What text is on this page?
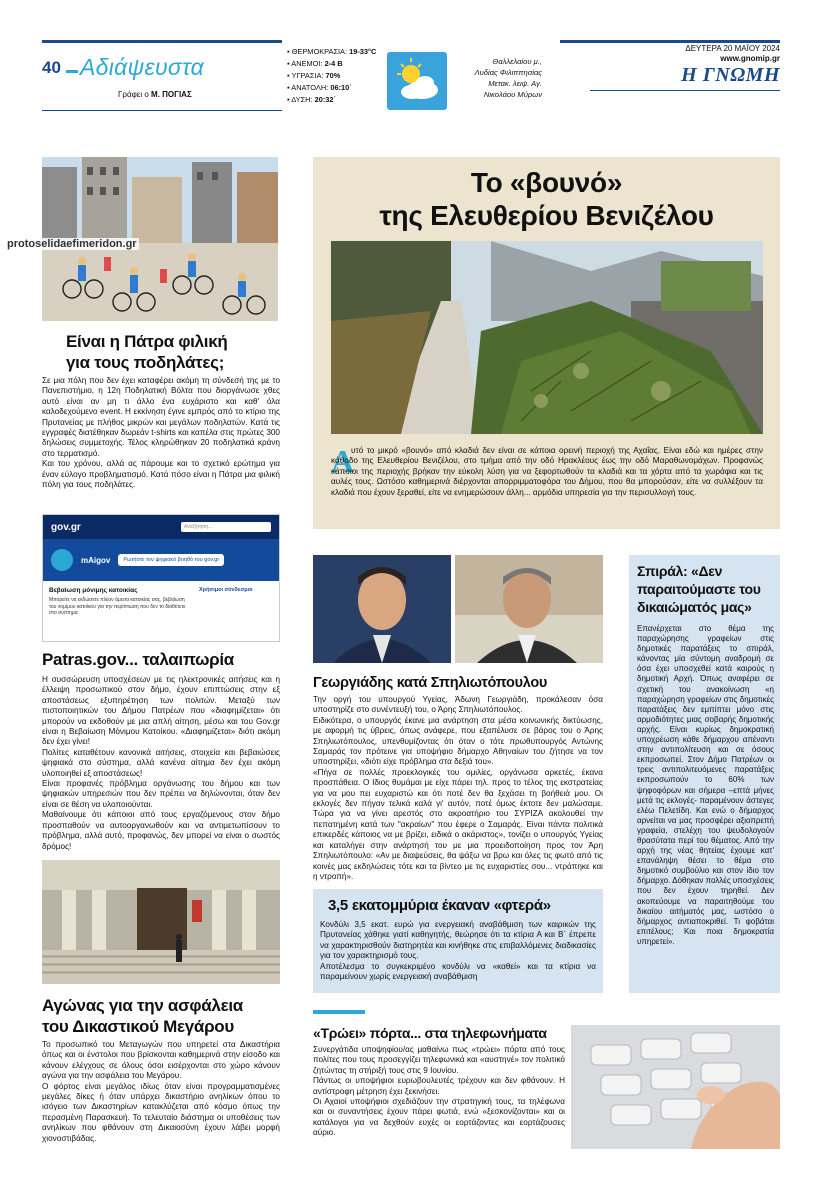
40 Αδιάψευστα
Γράφει ο Μ. ΠΟΓΙΑΣ
▪ ΘΕΡΜΟΚΡΑΣΙΑ: 19-33°C
▪ ΑΝΕΜΟΙ: 2-4 Β
▪ ΥΓΡΑΣΙΑ: 70%
▪ ΑΝΑΤΟΛΗ: 06:10΄
▪ ΔΥΣΗ: 20:32΄
Θαλλελαίου μ.,
Λυδίας Φιλιππησίας
Μετακ. λειψ. Αγ.
Νικολάου Μύρων
ΔΕΥΤΕΡΑ 20 ΜΑΪΟΥ 2024
www.gnomip.gr
Η ΓΝΩΜΗ
protoselidaefimeridon.gr
Είναι η Πάτρα φιλική
για τους ποδηλάτες;

Σε μια πόλη που δεν έχει καταφέρει ακόμη τη σύνδεσή της με το Πανεπιστήμιο, η 12η Ποδηλατική Βόλτα που διοργάνωσε χθες αυτό είναι αν μη τι άλλο ένα ευχάριστο και καθ' όλα καλοδεχούμενο event. Η εκκίνηση έγινε εμπρός από το κτίριο της Πρυτανείας με πλήθος μικρών και μεγάλων ποδηλατών. Κατά τις εγγραφές διατέθηκαν δωρεάν t-shirts και καπέλα στις πρώτες 300 δηλώσεις συμμετοχής. Τέλος κληρώθηκαν 20 ποδηλατικά κράνη στο τερματισμό.

Και του χρόνου, αλλά ας πάρουμε και το σχετικό ερώτημα για έναν εύλογο προβληματισμό. Κατά πόσο είναι η Πάτρα μια φιλική πόλη για τους ποδηλάτες.

gov.gr	Αναζήτηση...
mAigov	Ρωτήστε τον ψηφιακό βοηθό του gov.gr
Βεβαίωση μόνιμης κατοικίας
Μπορείτε να εκδώσετε πλέον άμεσα κατοικίας σας, βεβαίωση του νομίμου κατοίκου για την περίπτωση που δεν το διαθέτετε στο σύστημα
Χρήσιμοι σύνδεσμοι
Patras.gov... ταλαιπωρία

Η συσσώρευση υποσχέσεων με τις ηλεκτρονικές αιτήσεις και η έλλειψη προσωπικού στον δήμο, έχουν επιπτώσεις στην εξ αποστάσεως εξυπηρέτηση των πολιτών. Μεταξύ των πιστοποιητικών του Δήμου Πατρέων που «διαφημίζεται» ότι μπορούν να εκδοθούν με μια απλή αίτηση, μέσω και του Gov.gr είναι η Βεβαίωση Μόνιμου Κατοίκου. «Διαφημίζεται» διότι ακόμη δεν έχει γίνει!

Πολίτες καταθέτουν κανονικά αιτήσεις, στοιχεία και βεβαιώσεις ψηφιακά στο σύστημα, αλλά κανένα αίτημα δεν έχει ακόμη υλοποιηθεί εξ αποστάσεως!

Είναι προφανές πρόβλημα οργάνωσης του δήμου και των ψηφιακών υπηρεσιών που δεν πρέπει να δηλώνονται, όταν δεν είναι σε θέση να υλοποιούνται.

Μαθαίνουμε ότι κάποιοι από τους εργαζόμενους στον δήμο προσπαθούν να αυτοοργανωθούν και να αντιμετωπίσουν το πρόβλημα, αλλά αυτό, προφανώς, δεν μπορεί να είναι ο σωστός δρόμος!

Αγώνας για την ασφάλεια
του Δικαστικού Μεγάρου

Το προσωπικό του Μεταγωγών που υπηρετεί στα Δικαστήρια όπως και οι ένστολοι που βρίσκονται καθημερινά στην είσοδο και κάνουν ελέγχους σε όλους όσοι εισέρχονται στο χώρο κάνουν αγώνα για την ασφάλεια του Μεγάρου.

Ο φόρτος είναι μεγάλος ιδίως όταν είναι προγραμματισμένες μεγάλες δίκες ή όταν υπάρχει δικαστήριο ανηλίκων όπου το ισόγειο των Δικαστηρίων κατακλύζεται από κόσμο όπως την περασμένη Παρασκευή. Το τελευταίο διάστημα οι υποθέσεις των ανηλίκων που φθάνουν στη Δικαιοσύνη έχουν λάβει μορφή χιονοστιβάδας.

Το «βουνό»
της Ελευθερίου Βενιζέλου
Α
υτό το μικρό «βουνό» από κλαδιά δεν είναι σε κάποια ορεινή περιοχή της Αχαΐας. Είναι εδώ και ημέρες στην κάθοδο της Ελευθερίου Βενιζέλου, στο τμήμα από την οδό Ηρακλέους έως την οδό Μαραθωνομάχων. Προφανώς κάποιοι της περιοχής βρήκαν την εύκολη λύση για να ξεφορτωθούν τα κλαδιά και τα χόρτα από τα χωράφια και τις αυλές τους. Ωστόσο καθημερινά διέρχονται απορριμματοφόρα του Δήμου, που θα μπορούσαν, είτε να συλλέξουν τα κλαδιά που έχουν ξεραθεί, είτε να ενημερώσουν άλλη... αρμόδια υπηρεσία για την περισυλλογή τους.
Γεωργιάδης κατά Σπηλιωτόπουλου

Την οργή του υπουργού Υγείας, Άδωνη Γεωργιάδη, προκάλεσαν όσα υποστηρίζε στο συνέντευξή του, ο Άρης Σπηλιωτόπουλος.

Ειδικότερα, ο υπουργός έκανε μια ανάρτηση στα μέσα κοινωνικής δικτύωσης, με αφορμή τις ύβρεις, όπως ανάφερε, που εξαπέλυσε σε βάρος του ο Άρης Σπηλιωτόπουλος, υπενθυμίζοντας ότι όταν ο τότε πρωθυπουργός Αντώνης Σαμαράς τον πρότεινε για υποψήφιο δήμαρχο Αθηναίων του ζήτησε να τον υποστηρίξει, «διότι είχε πρόβλημα στα δεξιά του».

«Πήγα σε πολλές προεκλογικές του ομιλίες, οργάνωσα αρκετές, έκανα προσπάθεια. Ο Ιδιος θυμάμαι με είχε πάρει τηλ. προς το τέλος της εκστρατείας για να μου πει ευχαριστώ και ότι ποτέ δεν θα ξεχάσει τη βοήθειά μου. Οι εκλογές δεν πήγαν τελικά καλά γι' αυτόν, ποτέ όμως έκτοτε δεν μαλώσαμε. Τώρα για να γίνει αρεστός στο ακροατήριο του ΣΥΡΙΖΑ ακολουθεί την πεπατημένη κατά των "ακραίων" που έφερε ο Σαμαράς. Είναι πάντα πολιτικά επικερδές κάποιος να με βρίζει, ειδικά ο ακάριστος», τονίζει ο υπουργός Υγείας και καταλήγει στην ανάρτησή του με μια προειδοποίηση προς τον Άρη Σπηλιωτόπουλο: «Αν με διαψεύσεις, θα ψάξω να βρω και όλες τις φωτό από τις κοινές μας εκδηλώσεις τότε και τα βίντεο με τις ευχαριστίες σου... ντράπηκε και η ντροπή».

3,5 εκατομμύρια έκαναν «φτερά»

Κονδύλι 3,5 εκατ. ευρώ για ενεργειακή αναβάθμιση των καιρικών της Πρυτανείας χάθηκε γιατί καθηγητής, θεώρησε ότι τα κτίρια Α και Β΄ έπρεπε να χαρακτηρισθούν διατηρητέα και κινήθηκε στις επιβαλλόμενες διαδικασίες για τον χαρακτηρισμό τους.

Αποτέλεσμα το συγκεκριμένο κονδύλι να «καθεί» και τα κτίρια να παραμείνουν χωρίς ενεργειακή αναβάθμιση

Σπιράλ: «Δεν
παραιτούμαστε του
δικαιώματός μας»
Επανέρχεται στο θέμα της παραχώρησης γραφείων στις δημοτικές παρατάξεις το σπιράλ, κάνοντας μία σύντομη αναδρομή σε όσα έχει υποσχεθεί κατά καιρούς η δημοτική Αρχή. Όπως αναφέρει σε σχετική του ανακοίνωση «η παραχώρηση γραφείων στις δημοτικές παρατάξεις δεν εμπίπτει μόνο στις αρμοδιότητες μιας σοβαρής δημοτικής αρχής. Είναι κυρίως δημοκρατική υποχρέωση κάθε δήμαρχου απέναντι στην αντιπολίτευση και σε όσους εκπροσωπεί. Στον Δήμο Πατρέων οι τρεις αντιπολιτευόμενες παρατάξεις εκπροσωπούν το 60% των ψηφοφόρων και σήμερα –επτά μήνες μετά τις εκλογές- παραμένουν άστεγες ελέω Πελετίδη. Και ενώ ο δήμαρχος αρνείται να μας προσφέρει αξιοπρεπή γραφεία, στελέχη του ψευδολογούν θρασύτατα περί του θέματος. Από την αρχή της νέας θητείας έχουμε κατ' επανάληψη θέσει το θέμα στο δημοτικό συμβούλιο και στον ίδιο τον δήμαρχο. Δόθηκαν πολλές υποσχέσεις που δεν έχουν τηρηθεί. Δεν ακοπεύουμε να παραιτηθούμε του δικαίου αιτήματός μας, ωστόσο ο δήμαρχος αντιαποκριθεί. Τι φοβάται επιτέλους; Και ποια δημοκρατία υπηρετεί».
«Τρώει» πόρτα... στα τηλεφωνήματα

Συνεργάτιδα υποψηφίου/ας μαθαίνω πως «τρώει» πόρτα από τους πολίτες που τους προσεγγίζει τηλεφωνικά και «αυστηνέ» τον πολιτικό ζητώντας τη στήριξή τους στις 9 Ιουνίου.

Πάντως οι υποψήφιοι ευρωβουλευτές τρέχουν και δεν φθάνουν. Η αντίστροφη μέτρηση έχει ξεκινήσει.

Οι Αχαιοί υποψήφιοι σχεδιάζουν την στρατηγική τους, τα τηλέφωνα και οι συναντήσεις έχουν πάρει φωτιά, ενώ «ξεσκονίζονται» και οι κατάλογοι για να δεχθούν ευχές οι εορτάζοντες και εορτάζουσες αύριο.
